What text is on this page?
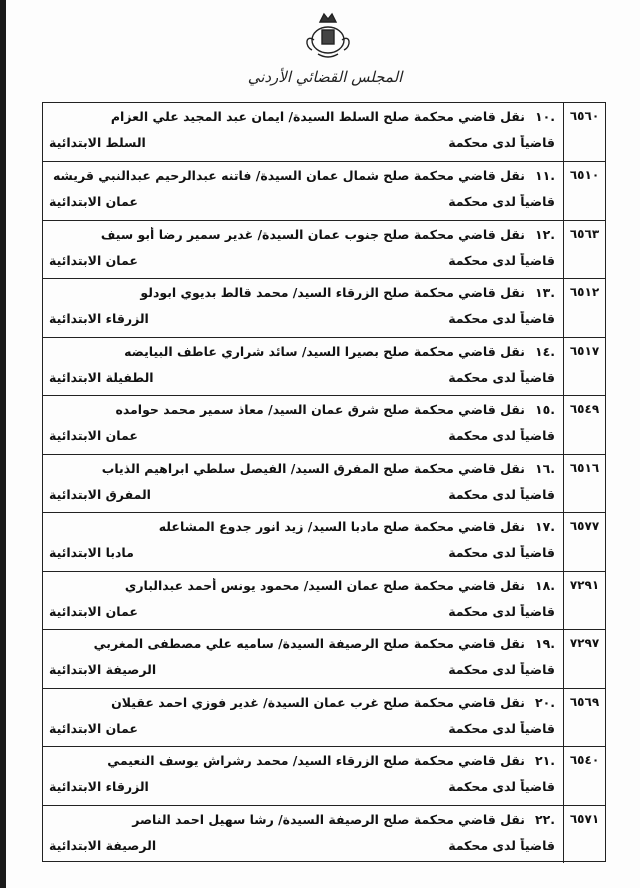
المجلس القضائي الأردني
٦٥٦٠
.١٠نقل قاضي محكمة صلح السلط السيدة/ ايمان عبد المجيد علي العزام
قاضياً لدى محكمة
السلط الابتدائية
٦٥١٠
.١١نقل قاضي محكمة صلح شمال عمان السيدة/ فاتنه عبدالرحيم عبدالنبي قريشه
قاضياً لدى محكمة
عمان الابتدائية
٦٥٦٣
.١٢نقل قاضي محكمة صلح جنوب عمان السيدة/ غدير سمير رضا أبو سيف
قاضياً لدى محكمة
عمان الابتدائية
٦٥١٢
.١٣نقل قاضي محكمة صلح الزرقاء السيد/ محمد قالط بديوي ابودلو
قاضياً لدى محكمة
الزرقاء الابتدائية
٦٥١٧
.١٤نقل قاضي محكمة صلح بصيرا السيد/ سائد شراري عاطف البيايضه
قاضياً لدى محكمة
الطفيلة الابتدائية
٦٥٤٩
.١٥نقل قاضي محكمة صلح شرق عمان السيد/ معاذ سمير محمد حوامده
قاضياً لدى محكمة
عمان الابتدائية
٦٥١٦
.١٦نقل قاضي محكمة صلح المفرق السيد/ الفيصل سلطي ابراهيم الذياب
قاضياً لدى محكمة
المفرق الابتدائية
٦٥٧٧
.١٧نقل قاضي محكمة صلح مادبا السيد/ زيد انور جدوع المشاعله
قاضياً لدى محكمة
مادبا الابتدائية
٧٢٩١
.١٨نقل قاضي محكمة صلح عمان السيد/ محمود يونس أحمد عبدالباري
قاضياً لدى محكمة
عمان الابتدائية
٧٢٩٧
.١٩نقل قاضي محكمة صلح الرصيفة السيدة/ ساميه علي مصطفى المغربي
قاضياً لدى محكمة
الرصيفة الابتدائية
٦٥٦٩
.٢٠نقل قاضي محكمة صلح غرب عمان السيدة/ غدير فوزي احمد عقيلان
قاضياً لدى محكمة
عمان الابتدائية
٦٥٤٠
.٢١نقل قاضي محكمة صلح الزرقاء السيد/ محمد رشراش يوسف النعيمي
قاضياً لدى محكمة
الزرقاء الابتدائية
٦٥٧١
.٢٢نقل قاضي محكمة صلح الرصيفة السيدة/ رشا سهيل احمد الناصر
قاضياً لدى محكمة
الرصيفة الابتدائية
